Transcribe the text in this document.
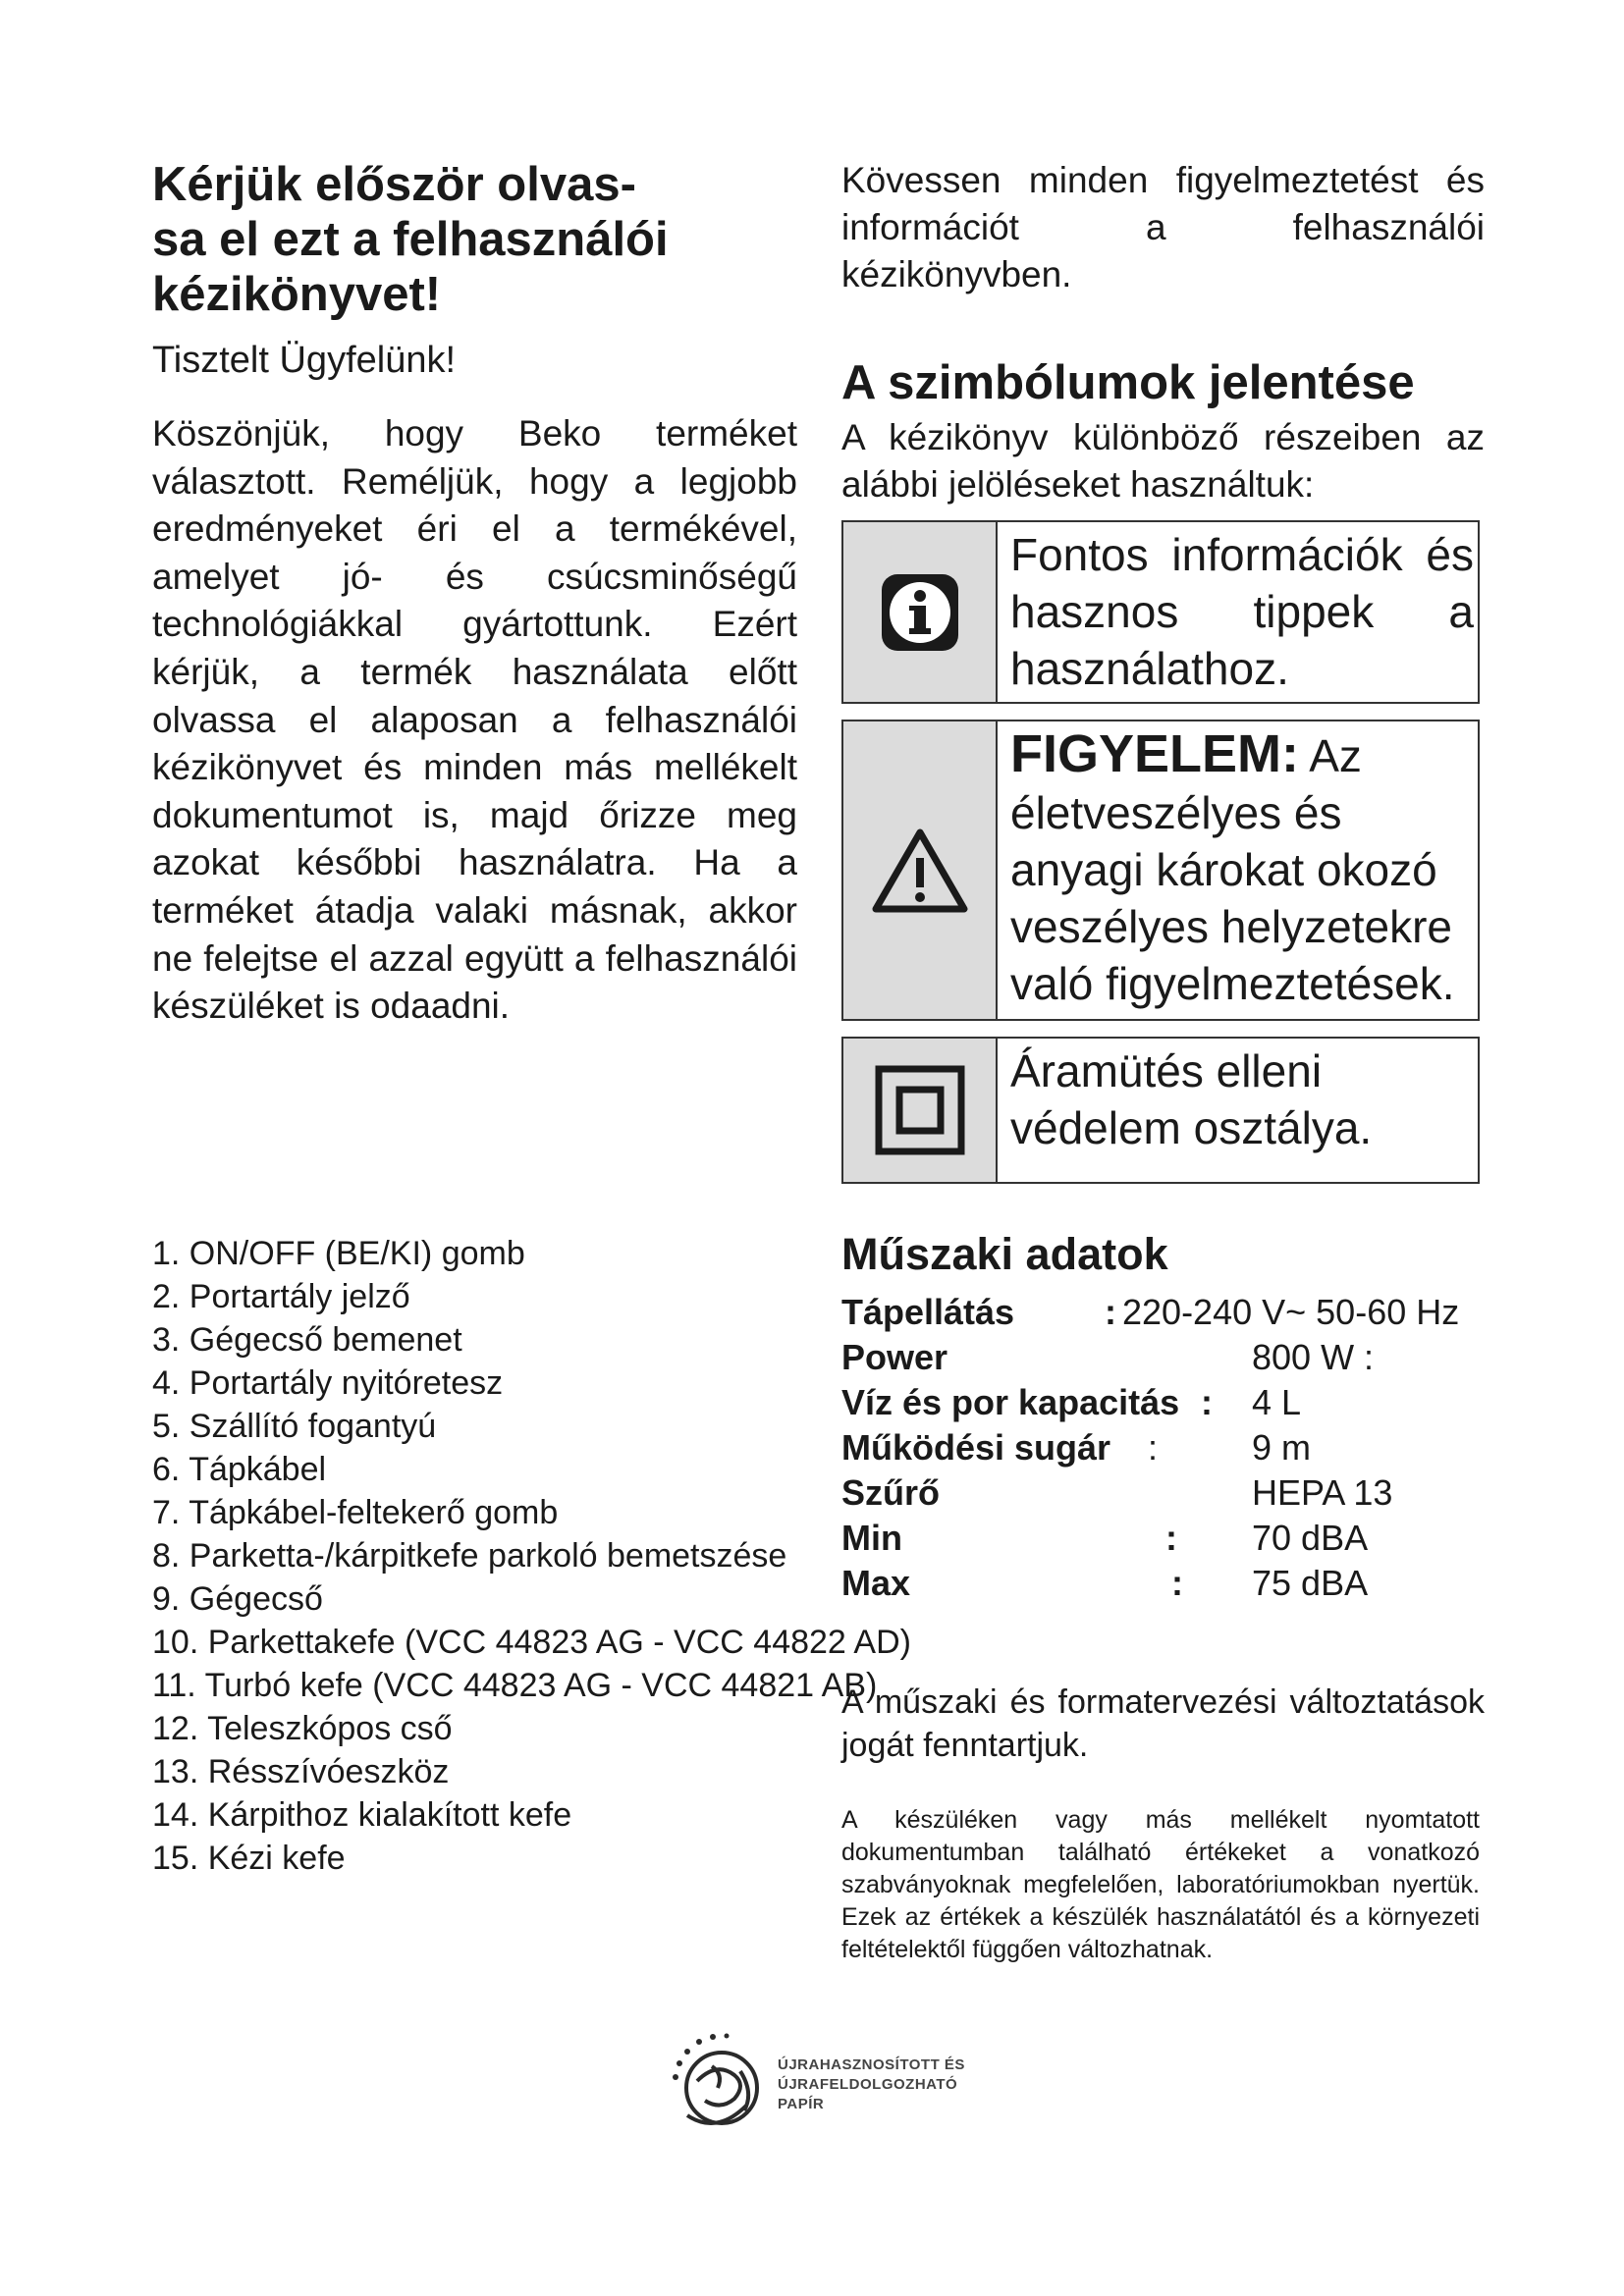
Kérjük először olvas-
sa el ezt a felhasználói
kézikönyvet!
Tisztelt Ügyfelünk!

Köszönjük, hogy Beko terméket választott. Reméljük, hogy a legjobb eredményeket éri el a termékével, amelyet jó- és csúcsminőségű technológiákkal gyártottunk. Ezért kérjük, a termék használata előtt olvassa el alaposan a felhasználói kézikönyvet és minden más mellékelt dokumentumot is, majd őrizze meg azokat későbbi használatra. Ha a terméket átadja valaki másnak, akkor ne felejtse el azzal együtt a felhasználói készüléket is odaadni.

Kövessen minden figyelmeztetést és információt a felhasználói kézikönyvben.

A szimbólumok jelentése

A kézikönyv különböző részeiben az alábbi jelöléseket használtuk:

Fontos információk és hasznos tippek a használathoz.
FIGYELEM: Az életveszélyes és anyagi károkat okozó veszélyes helyzetekre való figyelmeztetések.
Áramütés elleni védelem osztálya.
1. ON/OFF (BE/KI) gomb
2. Portartály jelző
3. Gégecső bemenet
4. Portartály nyitóretesz
5. Szállító fogantyú
6. Tápkábel
7. Tápkábel-feltekerő gomb
8. Parketta-/kárpitkefe parkoló bemetszése
9. Gégecső
10. Parkettakefe (VCC 44823 AG - VCC 44822 AD)
11. Turbó kefe (VCC 44823 AG - VCC 44821 AB)
12. Teleszkópos cső
13. Résszívóeszköz
14. Kárpithoz kialakított kefe
15. Kézi kefe
Műszaki adatok
Tápellátás	: 220-240 V~ 50-60 Hz
Power	800 W :
Víz és por kapacitás : 4 L
Működési sugár :	9 m
Szűrő	HEPA 13
Min	: 70 dBA
Max	: 75 dBA
A műszaki és formatervezési változtatások jogát fenntartjuk.
A készüléken vagy más mellékelt nyomtatott dokumentumban található értékeket a vonatkozó szabványoknak megfelelően, laboratóriumokban nyertük. Ezek az értékek a készülék használatától és a környezeti feltételektől függően változhatnak.
ÚJRAHASZNOSÍTOTT ÉS
ÚJRAFELDOLGOZHATÓ
PAPÍR
